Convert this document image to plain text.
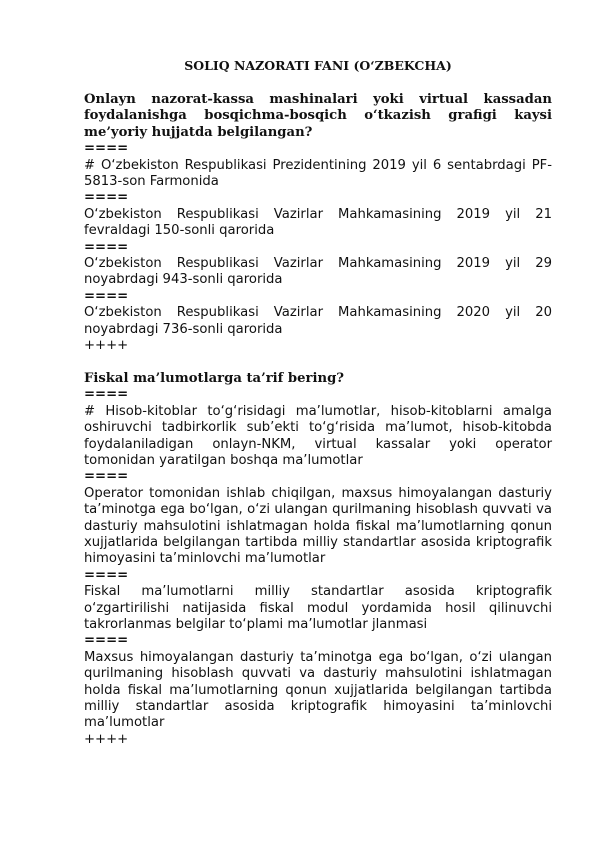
SOLIQ NAZORATI FANI (O‘ZBEKCHA)

Onlayn nazorat-kassa mashinalari yoki virtual kassadan foydalanishga bosqichma-bosqich o‘tkazish grafigi kaysi me’yoriy hujjatda belgilangan?

====

# O‘zbekiston Respublikasi Prezidentining 2019 yil 6 sentabrdagi PF-5813-son Farmonida

====

O‘zbekiston Respublikasi Vazirlar Mahkamasining 2019 yil 21 fevraldagi 150-sonli qarorida

====

O‘zbekiston Respublikasi Vazirlar Mahkamasining 2019 yil 29 noyabrdagi 943-sonli qarorida

====

O‘zbekiston Respublikasi Vazirlar Mahkamasining 2020 yil 20 noyabrdagi 736-sonli qarorida

++++

Fiskal ma’lumotlarga ta’rif bering?

====

# Hisob-kitoblar to‘g‘risidagi ma’lumotlar, hisob-kitoblarni amalga oshiruvchi tadbirkorlik sub’ekti to‘g‘risida ma’lumot, hisob-kitobda foydalaniladigan onlayn-NKM, virtual kassalar yoki operator tomonidan yaratilgan boshqa ma’lumotlar

====

Operator tomonidan ishlab chiqilgan, maxsus himoyalangan dasturiy ta’minotga ega bo‘lgan, o‘zi ulangan qurilmaning hisoblash quvvati va dasturiy mahsulotini ishlatmagan holda fiskal ma’lumotlarning qonun xujjatlarida belgilangan tartibda milliy standartlar asosida kriptografik himoyasini ta’minlovchi ma’lumotlar

====

Fiskal ma’lumotlarni milliy standartlar asosida kriptografik o‘zgartirilishi natijasida fiskal modul yordamida hosil qilinuvchi takrorlanmas belgilar to‘plami ma’lumotlar jlanmasi

====

Maxsus himoyalangan dasturiy ta’minotga ega bo‘lgan, o‘zi ulangan qurilmaning hisoblash quvvati va dasturiy mahsulotini ishlatmagan holda fiskal ma’lumotlarning qonun xujjatlarida belgilangan tartibda milliy standartlar asosida kriptografik himoyasini ta’minlovchi ma’lumotlar

++++
